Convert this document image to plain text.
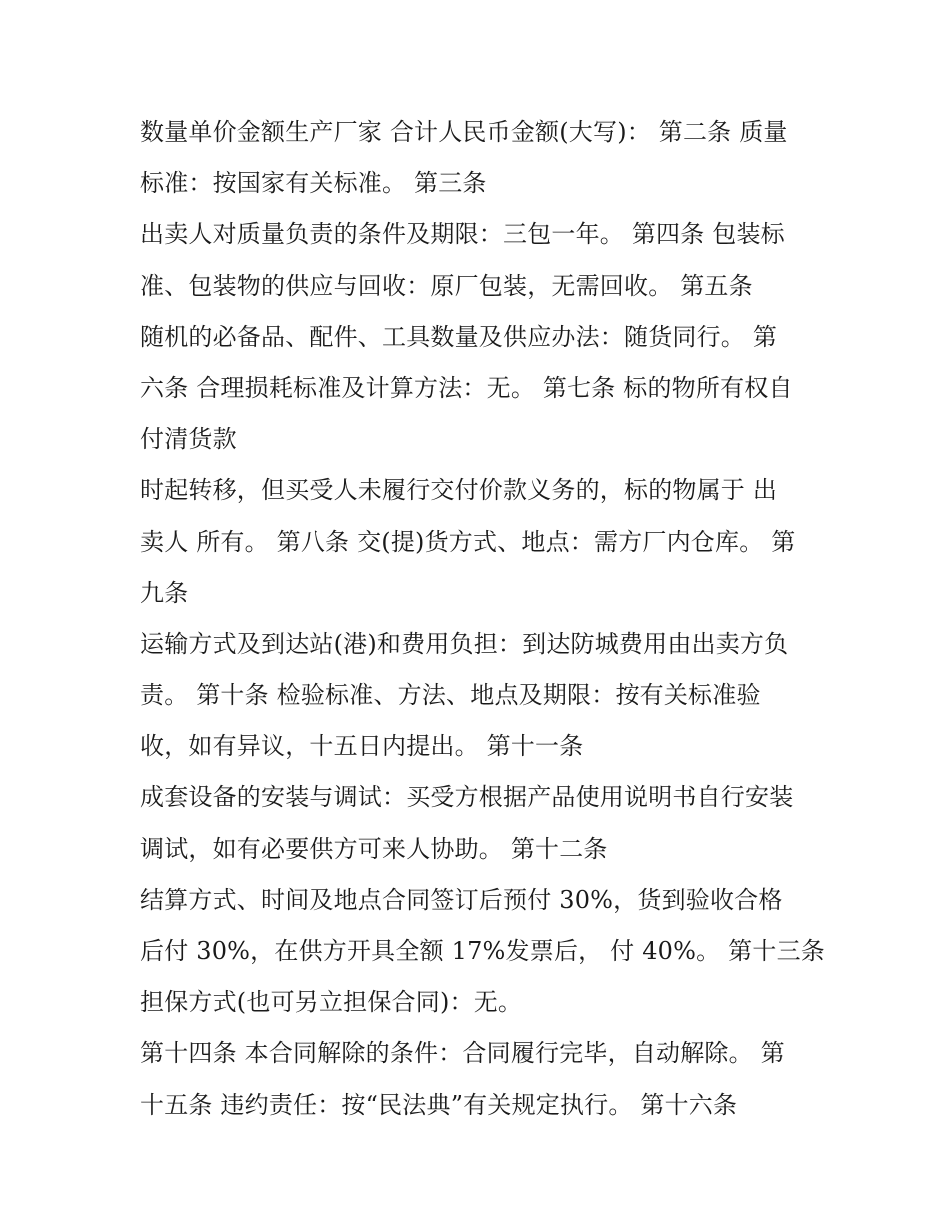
数量单价金额生产厂家 合计人民币金额(大写)： 第二条 质量
标准：按国家有关标准。 第三条
出卖人对质量负责的条件及期限：三包一年。 第四条 包装标
准、包装物的供应与回收：原厂包装，无需回收。 第五条
随机的必备品、配件、工具数量及供应办法：随货同行。 第
六条 合理损耗标准及计算方法：无。 第七条 标的物所有权自
付清货款
时起转移，但买受人未履行交付价款义务的，标的物属于 出
卖人 所有。 第八条 交(提)货方式、地点：需方厂内仓库。 第
九条
运输方式及到达站(港)和费用负担：到达防城费用由出卖方负
责。 第十条 检验标准、方法、地点及期限：按有关标准验
收，如有异议，十五日内提出。 第十一条
成套设备的安装与调试：买受方根据产品使用说明书自行安装
调试，如有必要供方可来人协助。 第十二条
结算方式、时间及地点合同签订后预付 30%，货到验收合格
后付 30%，在供方开具全额 17%发票后， 付 40%。 第十三条
担保方式(也可另立担保合同)：无。
第十四条 本合同解除的条件：合同履行完毕，自动解除。 第
十五条 违约责任：按“民法典”有关规定执行。 第十六条
